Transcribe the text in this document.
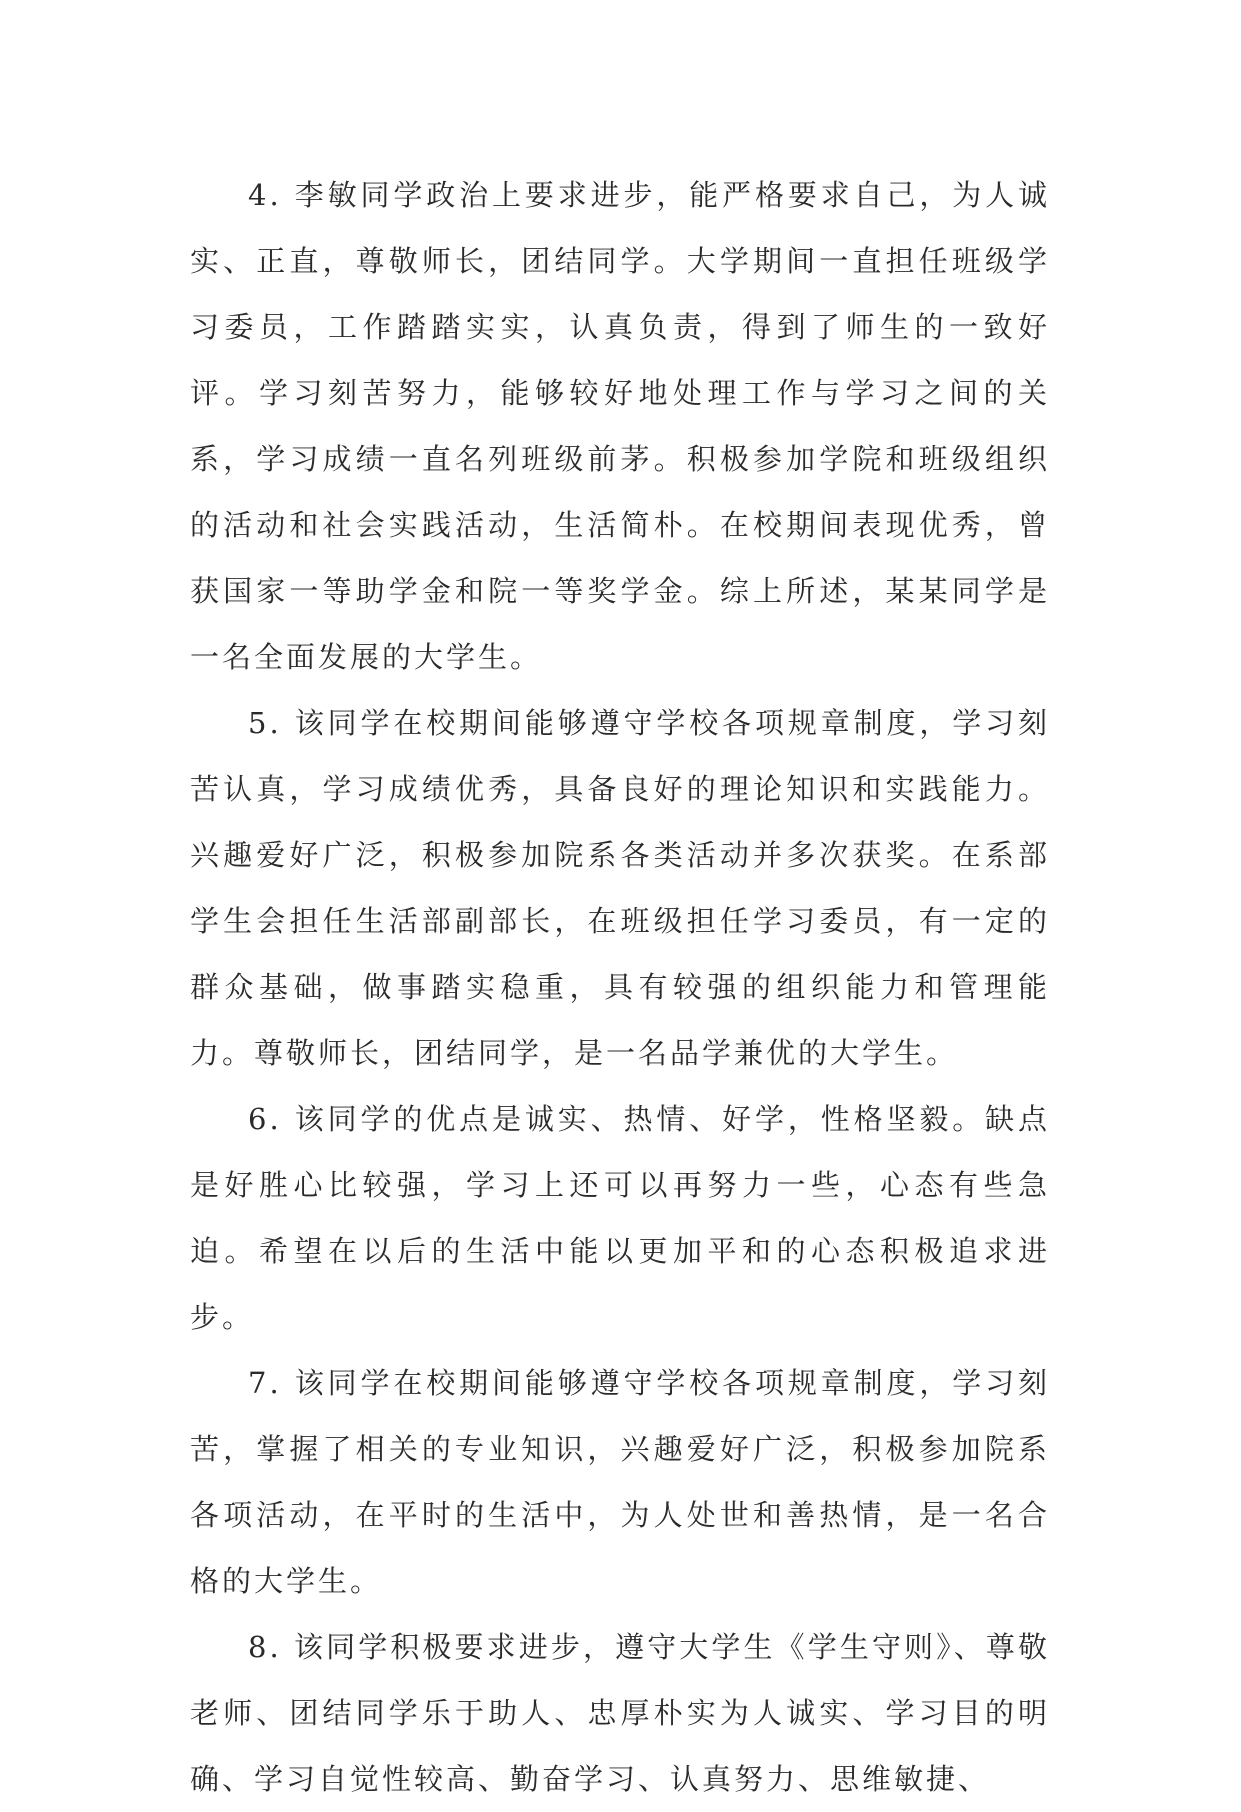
4. 李敏同学政治上要求进步，能严格要求自己，为人诚实、正直，尊敬师长，团结同学。大学期间一直担任班级学习委员，工作踏踏实实，认真负责，得到了师生的一致好评。学习刻苦努力，能够较好地处理工作与学习之间的关系，学习成绩一直名列班级前茅。积极参加学院和班级组织的活动和社会实践活动，生活简朴。在校期间表现优秀，曾获国家一等助学金和院一等奖学金。综上所述，某某同学是一名全面发展的大学生。

5. 该同学在校期间能够遵守学校各项规章制度，学习刻苦认真，学习成绩优秀，具备良好的理论知识和实践能力。兴趣爱好广泛，积极参加院系各类活动并多次获奖。在系部学生会担任生活部副部长，在班级担任学习委员，有一定的群众基础，做事踏实稳重，具有较强的组织能力和管理能力。尊敬师长，团结同学，是一名品学兼优的大学生。

6. 该同学的优点是诚实、热情、好学，性格坚毅。缺点是好胜心比较强，学习上还可以再努力一些，心态有些急迫。希望在以后的生活中能以更加平和的心态积极追求进步。

7. 该同学在校期间能够遵守学校各项规章制度，学习刻苦，掌握了相关的专业知识，兴趣爱好广泛，积极参加院系各项活动，在平时的生活中，为人处世和善热情，是一名合格的大学生。

8. 该同学积极要求进步，遵守大学生《学生守则》、尊敬老师、团结同学乐于助人、忠厚朴实为人诚实、学习目的明确、学习自觉性较高、勤奋学习、认真努力、思维敏捷、
